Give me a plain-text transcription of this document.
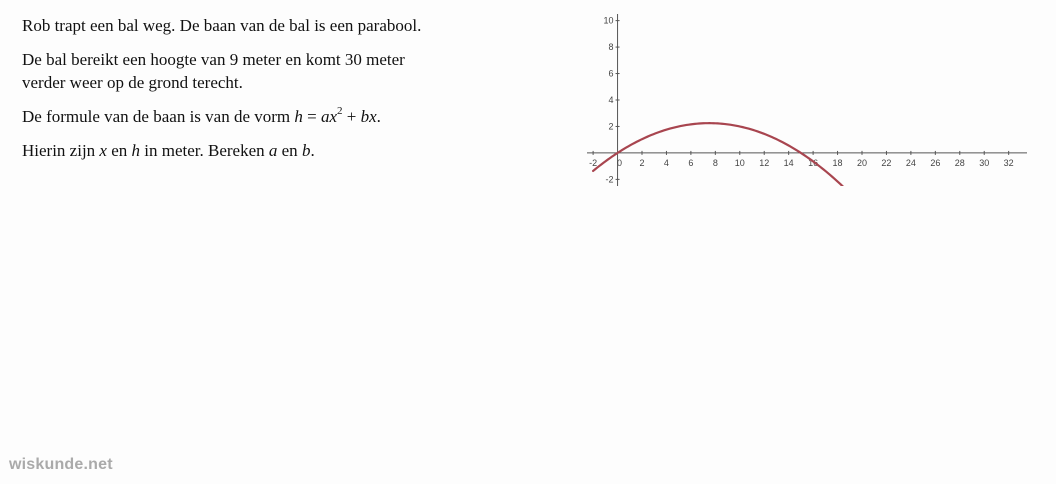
Rob trapt een bal weg. De baan van de bal is een parabool.

De bal bereikt een hoogte van 9 meter en komt 30 meter
verder weer op de grond terecht.

De formule van de baan is van de vorm $h = ax^2$ + bx.

Hierin zijn x en h in meter. Bereken a en b.

-2	2 4 6 8 10 12 14 16 18 20 22 24 26 28 30 32
0
-2
2
4
6
8
10
wiskunde.net
